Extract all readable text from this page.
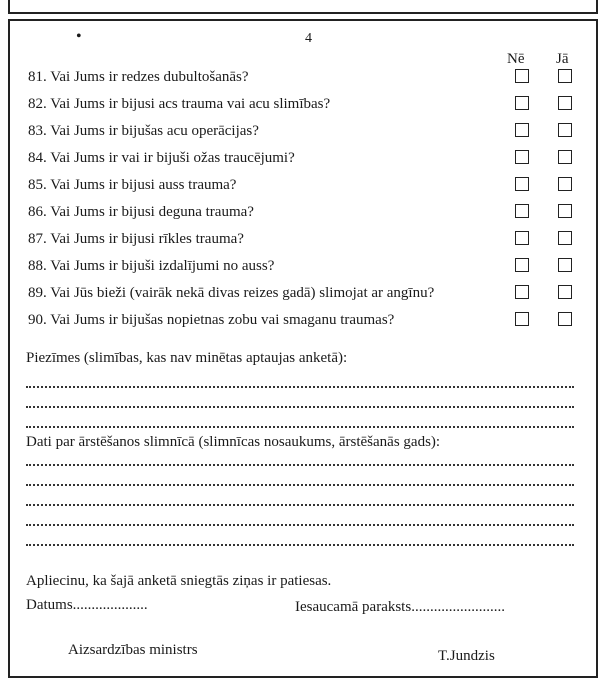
•	4
Nē Jā
81. Vai Jums ir redzes dubultošanās?
82. Vai Jums ir bijusi acs trauma vai acu slimības?
83. Vai Jums ir bijušas acu operācijas?
84. Vai Jums ir vai ir bijuši ožas traucējumi?
85. Vai Jums ir bijusi auss trauma?
86. Vai Jums ir bijusi deguna trauma?
87. Vai Jums ir bijusi rīkles trauma?
88. Vai Jums ir bijuši izdalījumi no auss?
89. Vai Jūs bieži (vairāk nekā divas reizes gadā) slimojat ar angīnu?
90. Vai Jums ir bijušas nopietnas zobu vai smaganu traumas?
Piezīmes (slimības, kas nav minētas aptaujas anketā):
Dati par ārstēšanos slimnīcā (slimnīcas nosaukums, ārstēšanās gads):
Apliecinu, ka šajā anketā sniegtās ziņas ir patiesas.
Datums....................	Iesaucamā paraksts.........................
Aizsardzības ministrs	T.Jundzis
